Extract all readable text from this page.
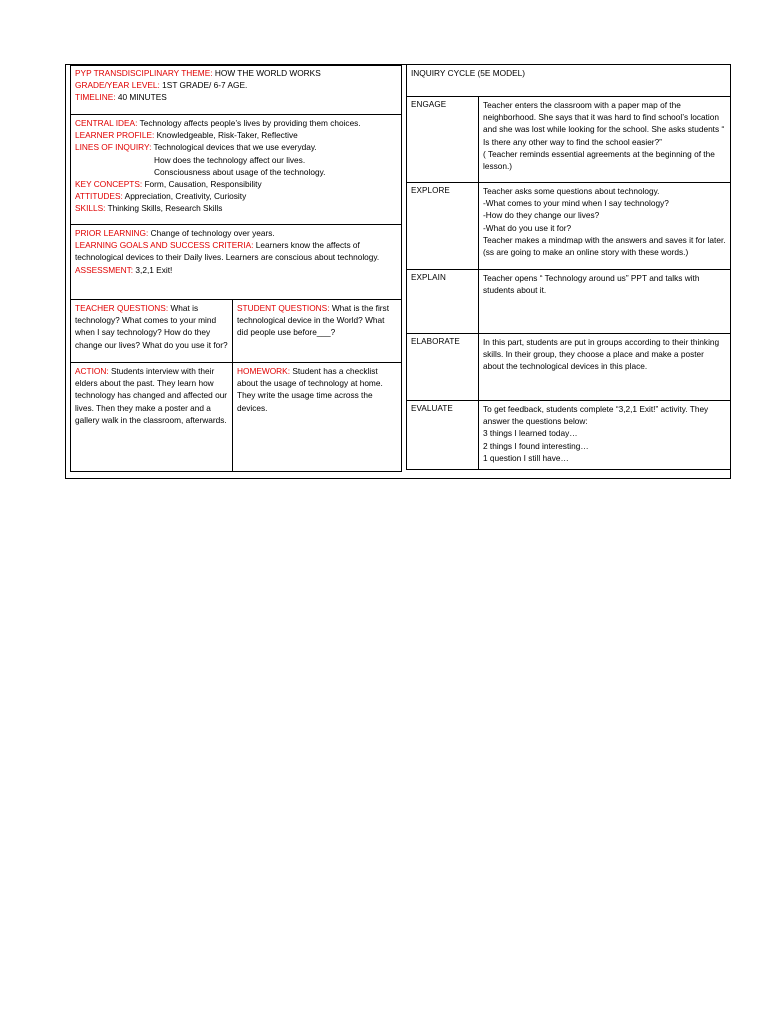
PYP TRANSDISCIPLINARY THEME: HOW THE WORLD WORKS
GRADE/YEAR LEVEL: 1ST GRADE/ 6-7 AGE.
TIMELINE: 40 MINUTES
CENTRAL IDEA: Technology affects people’s lives by providing them choices.
LEARNER PROFILE: Knowledgeable, Risk-Taker, Reflective
LINES OF INQUIRY: Technological devices that we use everyday.
How does the technology affect our lives.
Consciousness about usage of the technology.
KEY CONCEPTS: Form, Causation, Responsibility
ATTITUDES: Appreciation, Creativity, Curiosity
SKILLS: Thinking Skills, Research Skills
PRIOR LEARNING: Change of technology over years.
LEARNING GOALS AND SUCCESS CRITERIA: Learners know the affects of technological devices to their Daily lives. Learners are conscious about technology.
ASSESSMENT: 3,2,1 Exit!
TEACHER QUESTIONS: What is technology? What comes to your mind when I say technology? How do they change our lives? What do you use it for?
STUDENT QUESTIONS: What is the first technological device in the World? What did people use before___?
ACTION: Students interview with their elders about the past. They learn how technology has changed and affected our lives. Then they make a poster and a gallery walk in the classroom, afterwards.
HOMEWORK: Student has a checklist about the usage of technology at home. They write the usage time across the devices.
INQUIRY CYCLE (5E MODEL)
ENGAGE	Teacher enters the classroom with a paper map of the neighborhood. She says that it was hard to find school’s location and she was lost while looking for the school. She asks students “ Is there any other way to find the school easier?”
( Teacher reminds essential agreements at the beginning of the lesson.)
EXPLORE	Teacher asks some questions about technology.
-What comes to your mind when I say technology?
-How do they change our lives?
-What do you use it for?
Teacher makes a mindmap with the answers and saves it for later. (ss are going to make an online story with these words.)
EXPLAIN	Teacher opens “ Technology around us” PPT and talks with students about it.
ELABORATE	In this part, students are put in groups according to their thinking skills. In their group, they choose a place and make a poster about the technological devices in this place.
EVALUATE	To get feedback, students complete “3,2,1 Exit!” activity. They answer the questions below:
3 things I learned today…
2 things I found interesting…
1 question I still have…
